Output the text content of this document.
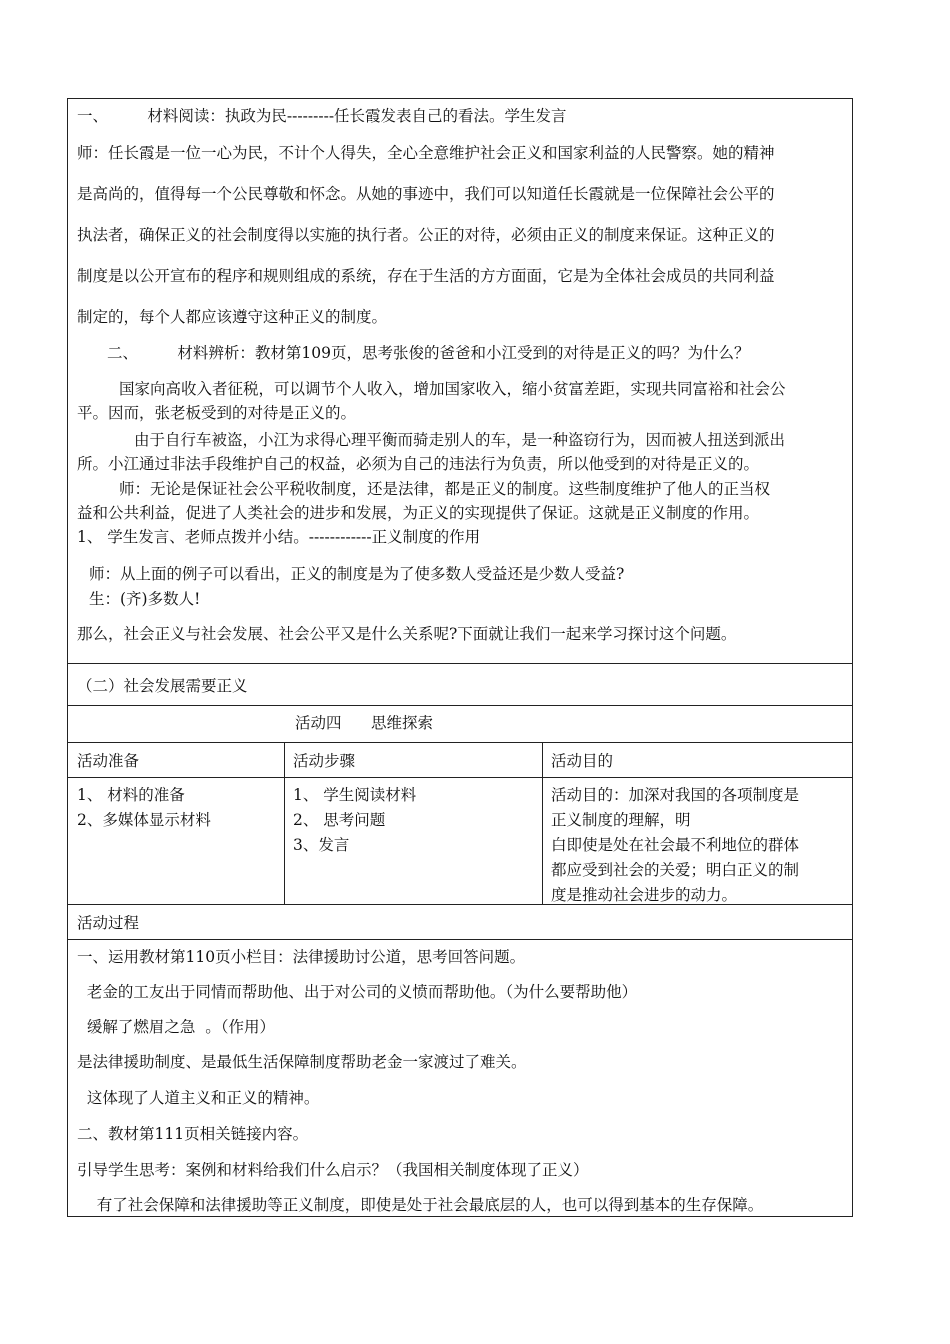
一、        材料阅读：执政为民---------任长霞发表自己的看法。学生发言
师：任长霞是一位一心为民，不计个人得失，全心全意维护社会正义和国家利益的人民警察。她的精神
是高尚的，值得每一个公民尊敬和怀念。从她的事迹中，我们可以知道任长霞就是一位保障社会公平的
执法者，确保正义的社会制度得以实施的执行者。公正的对待，必须由正义的制度来保证。这种正义的
制度是以公开宣布的程序和规则组成的系统，存在于生活的方方面面，它是为全体社会成员的共同利益
制定的，每个人都应该遵守这种正义的制度。
二、        材料辨析：教材第109页，思考张俊的爸爸和小江受到的对待是正义的吗？为什么？
国家向高收入者征税，可以调节个人收入，增加国家收入，缩小贫富差距，实现共同富裕和社会公
平。因而，张老板受到的对待是正义的。
由于自行车被盗，小江为求得心理平衡而骑走别人的车，是一种盗窃行为，因而被人扭送到派出
所。小江通过非法手段维护自己的权益，必须为自己的违法行为负责，所以他受到的对待是正义的。
师：无论是保证社会公平税收制度，还是法律，都是正义的制度。这些制度维护了他人的正当权
益和公共利益，促进了人类社会的进步和发展，为正义的实现提供了保证。这就是正义制度的作用。
1、 学生发言、老师点拨并小结。------------正义制度的作用
师：从上面的例子可以看出，正义的制度是为了使多数人受益还是少数人受益?
生：(齐)多数人!
那么，社会正义与社会发展、社会公平又是什么关系呢?下面就让我们一起来学习探讨这个问题。
（二）社会发展需要正义
活动四      思维探索
活动准备	活动步骤	活动目的
1、 材料的准备
2、多媒体显示材料
1、 学生阅读材料
2、 思考问题
3、发言
活动目的：加深对我国的各项制度是
正义制度的理解，明
白即使是处在社会最不利地位的群体
都应受到社会的关爱；明白正义的制
度是推动社会进步的动力。
活动过程
一、运用教材第110页小栏目：法律援助讨公道，思考回答问题。
老金的工友出于同情而帮助他、出于对公司的义愤而帮助他。（为什么要帮助他）
缓解了燃眉之急  。（作用）
是法律援助制度、是最低生活保障制度帮助老金一家渡过了难关。
这体现了人道主义和正义的精神。
二、教材第111页相关链接内容。
引导学生思考：案例和材料给我们什么启示？（我国相关制度体现了正义）
有了社会保障和法律援助等正义制度，即使是处于社会最底层的人，也可以得到基本的生存保障。
